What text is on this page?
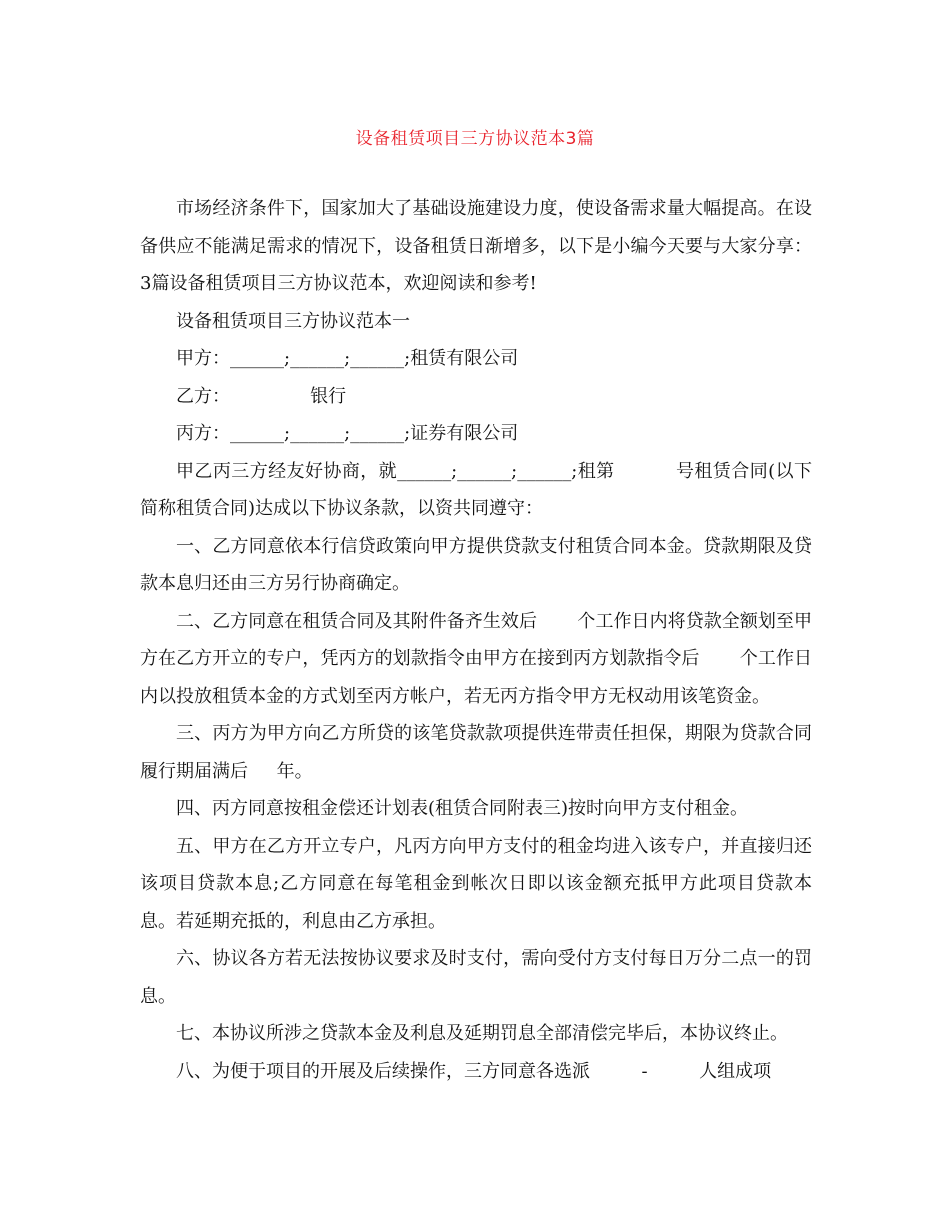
设备租赁项目三方协议范本3篇

市场经济条件下，国家加大了基础设施建设力度，使设备需求量大幅提高。在设备供应不能满足需求的情况下，设备租赁日渐增多，以下是小编今天要与大家分享：3篇设备租赁项目三方协议范本，欢迎阅读和参考!

设备租赁项目三方协议范本一

甲方：______;______;______;租赁有限公司

乙方：              银行

丙方：______;______;______;证券有限公司

甲乙丙三方经友好协商，就______;______;______;租第          号租赁合同(以下简称租赁合同)达成以下协议条款，以资共同遵守：

一、乙方同意依本行信贷政策向甲方提供贷款支付租赁合同本金。贷款期限及贷款本息归还由三方另行协商确定。

二、乙方同意在租赁合同及其附件备齐生效后       个工作日内将贷款全额划至甲方在乙方开立的专户，凭丙方的划款指令由甲方在接到丙方划款指令后       个工作日内以投放租赁本金的方式划至丙方帐户，若无丙方指令甲方无权动用该笔资金。

三、丙方为甲方向乙方所贷的该笔贷款款项提供连带责任担保，期限为贷款合同履行期届满后     年。

四、丙方同意按租金偿还计划表(租赁合同附表三)按时向甲方支付租金。

五、甲方在乙方开立专户，凡丙方向甲方支付的租金均进入该专户，并直接归还该项目贷款本息;乙方同意在每笔租金到帐次日即以该金额充抵甲方此项目贷款本息。若延期充抵的，利息由乙方承担。

六、协议各方若无法按协议要求及时支付，需向受付方支付每日万分二点一的罚息。

七、本协议所涉之贷款本金及利息及延期罚息全部清偿完毕后，本协议终止。

八、为便于项目的开展及后续操作，三方同意各选派         -         人组成项
